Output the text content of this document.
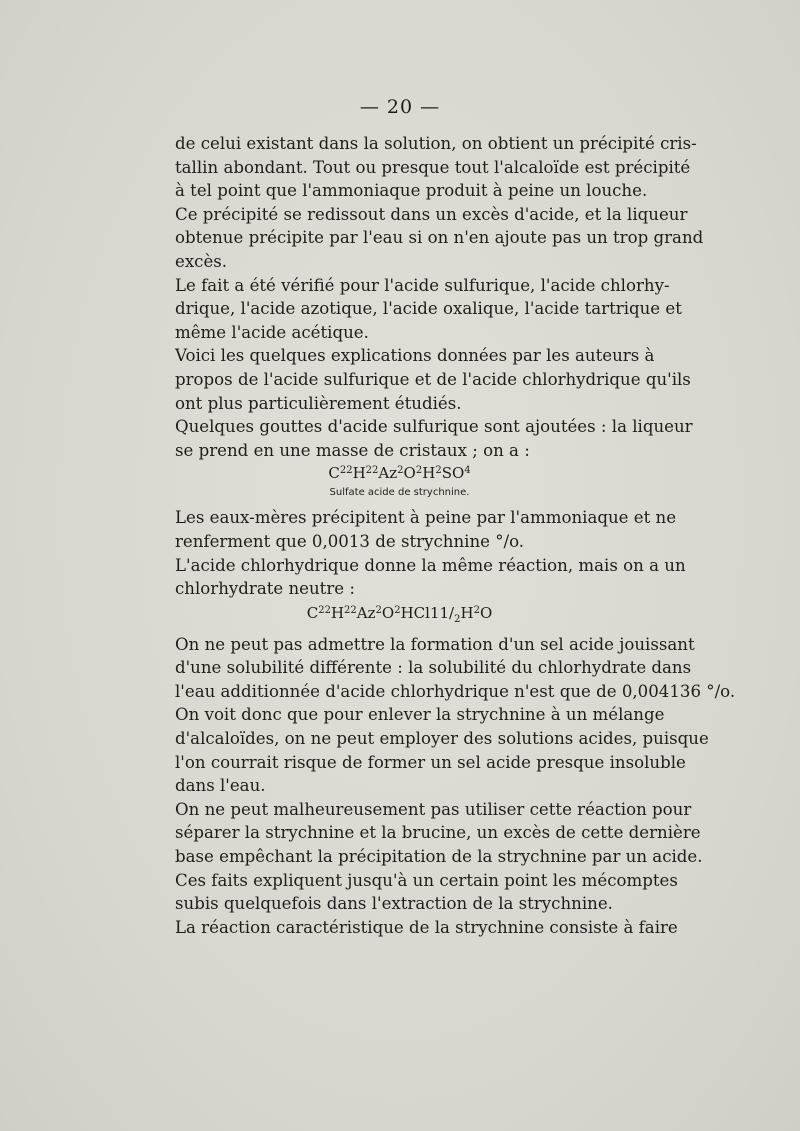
— 20 —

de celui existant dans la solution, on obtient un précipité cris-
tallin abondant. Tout ou presque tout l'alcaloïde est précipité
à tel point que l'ammoniaque produit à peine un louche.

Ce précipité se redissout dans un excès d'acide, et la liqueur
obtenue précipite par l'eau si on n'en ajoute pas un trop grand
excès.

Le fait a été vérifié pour l'acide sulfurique, l'acide chlorhy-
drique, l'acide azotique, l'acide oxalique, l'acide tartrique et
même l'acide acétique.

Voici les quelques explications données par les auteurs à
propos de l'acide sulfurique et de l'acide chlorhydrique qu'ils
ont plus particulièrement étudiés.

Quelques gouttes d'acide sulfurique sont ajoutées : la liqueur
se prend en une masse de cristaux ; on a :

$C^{22}H^{22}Az^2O^2H^2SO^4$
Sulfate acide de strychnine.

Les eaux-mères précipitent à peine par l'ammoniaque et ne
renferment que 0,0013 de strychnine °/o.

L'acide chlorhydrique donne la même réaction, mais on a un
chlorhydrate neutre :

$C^{22}H^{22}Az^2O^2HCl11/_2H^2O$

On ne peut pas admettre la formation d'un sel acide jouissant
d'une solubilité différente : la solubilité du chlorhydrate dans
l'eau additionnée d'acide chlorhydrique n'est que de 0,004136 °/o.

On voit donc que pour enlever la strychnine à un mélange
d'alcaloïdes, on ne peut employer des solutions acides, puisque
l'on courrait risque de former un sel acide presque insoluble
dans l'eau.

On ne peut malheureusement pas utiliser cette réaction pour
séparer la strychnine et la brucine, un excès de cette dernière
base empêchant la précipitation de la strychnine par un acide.

Ces faits expliquent jusqu'à un certain point les mécomptes
subis quelquefois dans l'extraction de la strychnine.

La réaction caractéristique de la strychnine consiste à faire
